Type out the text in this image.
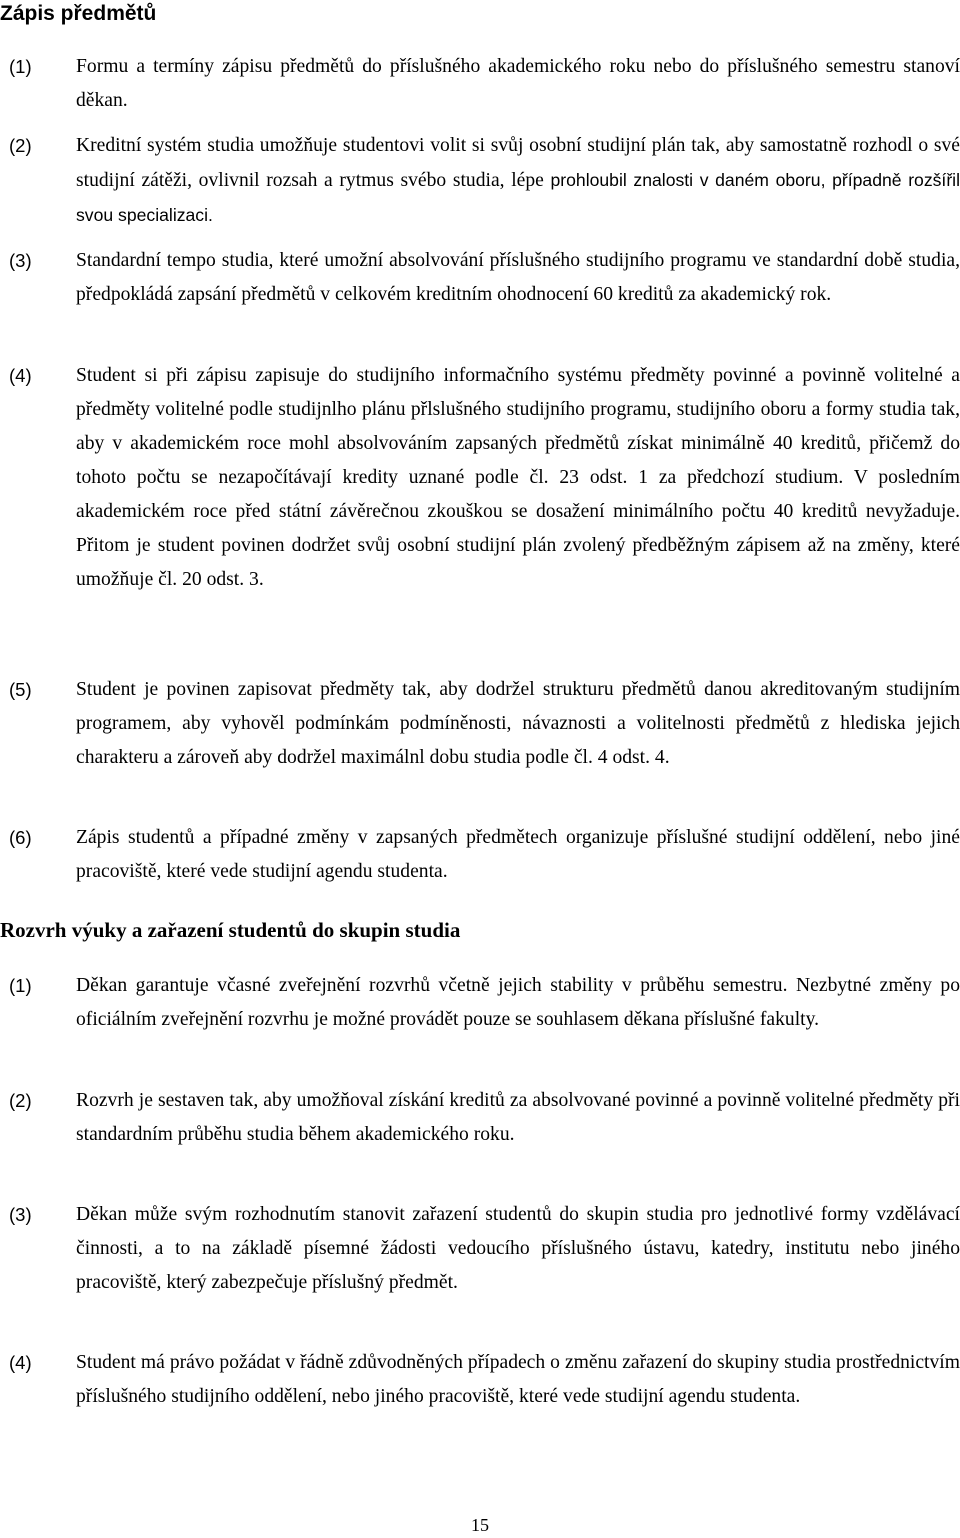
Zápis předmětů
(1) Formu a termíny zápisu předmětů do příslušného akademického roku nebo do příslušného semestru stanoví děkan.

(2) Kreditní systém studia umožňuje studentovi volit si svůj osobní studijní plán tak, aby samostatně rozhodl o své studijní zátěži, ovlivnil rozsah a rytmus svébo studia, lépe prohloubil znalosti v daném oboru, případně rozšířil svou specializaci.

(3) Standardní tempo studia, které umožní absolvování příslušného studijního programu ve standardní době studia, předpokládá zapsání předmětů v celkovém kreditním ohodnocení 60 kreditů za akademický rok.

(4) Student si při zápisu zapisuje do studijního informačního systému předměty povinné a povinně volitelné a předměty volitelné podle studijnlho plánu přlslušného studijního programu, studijního oboru a formy studia tak, aby v akademickém roce mohl absolvováním zapsaných předmětů získat minimálně 40 kreditů, přičemž do tohoto počtu se nezapočítávají kredity uznané podle čl. 23 odst. 1 za předchozí studium. V posledním akademickém roce před státní závěrečnou zkouškou se dosažení minimálního počtu 40 kreditů nevyžaduje. Přitom je student povinen dodržet svůj osobní studijní plán zvolený předběžným zápisem až na změny, které umožňuje čl. 20 odst. 3.

(5) Student je povinen zapisovat předměty tak, aby dodržel strukturu předmětů danou akreditovaným studijním programem, aby vyhověl podmínkám podmíněnosti, návaznosti a volitelnosti předmětů z hlediska jejich charakteru a zároveň aby dodržel maximálnl dobu studia podle čl. 4 odst. 4.

(6) Zápis studentů a případné změny v zapsaných předmětech organizuje příslušné studijní oddělení, nebo jiné pracoviště, které vede studijní agendu studenta.

Rozvrh výuky a zařazení studentů do skupin studia
(1) Děkan garantuje včasné zveřejnění rozvrhů včetně jejich stability v průběhu semestru. Nezbytné změny po oficiálním zveřejnění rozvrhu je možné provádět pouze se souhlasem děkana příslušné fakulty.

(2) Rozvrh je sestaven tak, aby umožňoval získání kreditů za absolvované povinné a povinně volitelné předměty při standardním průběhu studia během akademického roku.

(3) Děkan může svým rozhodnutím stanovit zařazení studentů do skupin studia pro jednotlivé formy vzdělávací činnosti, a to na základě písemné žádosti vedoucího příslušného ústavu, katedry, institutu nebo jiného pracoviště, který zabezpečuje příslušný předmět.

(4) Student má právo požádat v řádně zdůvodněných případech o změnu zařazení do skupiny studia prostřednictvím příslušného studijního oddělení, nebo jiného pracoviště, které vede studijní agendu studenta.

15
